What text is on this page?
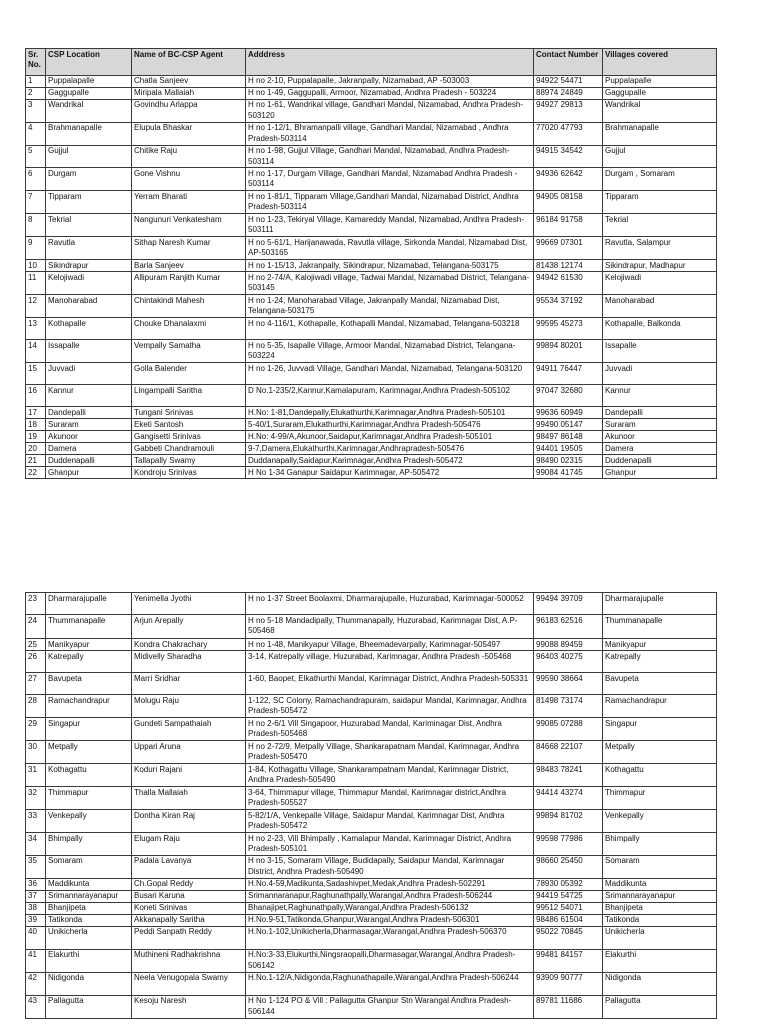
Sr. No.	CSP Location	Name of BC-CSP Agent	Adddress	Contact Number	Villages covered
1	Puppalapalle	Chatla Sanjeev	H no 2-10, Puppalapalle, Jakranpally, Nizamabad, AP -503003	94922 54471	Puppalapalle
2	Gaggupalle	Miripala Mallaiah	H no 1-49, Gaggupalli, Armoor, Nizamabad, Andhra Pradesh - 503224	88974 24849	Gaggupalle
3	Wandrikal	Govindhu Arlappa	H no 1-61, Wandrikal village, Gandhari Mandal, Nizamabad, Andhra Pradesh-503120	94927 29813	Wandrikal
4	Brahmanapalle	Elupula Bhaskar	H no 1-12/1, Bhramanpalli village, Gandhari Mandal, Nizamabad , Andhra Pradesh-503114	77020 47793	Brahmanapalle
5	Gujjul	Chitike Raju	H no 1-98, Gujjul Village, Gandhari Mandal, Nizamabad, Andhra Pradesh-503114	94915 34542	Gujjul
6	Durgam	Gone Vishnu	H no 1-17, Durgam Village, Gandhari Mandal, Nizamabad Andhra Pradesh - 503114	94936 62642	Durgam , Somaram
7	Tipparam	Yerram Bharati	H no 1-81/1, Tipparam Village,Gandhari Mandal, Nizamabad District, Andhra Pradesh-503114	94905 08158	Tipparam
8	Tekrial	Nangunuri Venkatesham	H no 1-23, Tekiryal Village, Kamareddy Mandal, Nizamabad, Andhra Pradesh-503111	96184 91758	Tekrial
9	Ravutla	Sithap Naresh Kumar	H no 5-61/1, Harijanawada, Ravutla village, Sirkonda Mandal, Nizamabad Dist, AP-503165	99669 07301	Ravutla, Salampur
10	Sikindrapur	Barla Sanjeev	H no 1-15/13, Jakranpally, Sikindrapur, Nizamabad, Telangana-503175	81438 12174	Sikindrapur, Madhapur
11	Kelojiwadi	Allipuram Ranjith Kumar	H no 2-74/A, Kalojiwadi village, Tadwai Mandal, Nizamabad District, Telangana-503145	94942 61530	Kelojiwadi
12	Manoharabad	Chintakindi Mahesh	H no 1-24, Manoharabad Village, Jakranpally Mandal, Nizamabad Dist, Telangana-503175	95534 37192	Manoharabad
13	Kothapalle	Chouke Dhanalaxmi	H no 4-116/1, Kothapalle, Kothapalli Mandal, Nizamabad, Telangana-503218	99595 45273	Kothapalle, Balkonda
14	Issapalle	Vempally Samatha	H no 5-35, Isapalle Village, Armoor Mandal, Nizamabad District, Telangana-503224	99894 80201	Issapalle
15	Juvvadi	Golla Balender	H no 1-26, Juvvadi Village, Gandhari Mandal, Nizamabad, Telangana-503120	94911 76447	Juvvadi
16	Kannur	Lingampalli Saritha	D No.1-235/2,Kannur,Kamalapuram, Karimnagar,Andhra Pradesh-505102	97047 32680	Kannur
17	Dandepalli	Tungani Srinivas	H.No: 1-81,Dandepally,Elukathurthi,Karimnagar,Andhra Pradesh-505101	99636 60949	Dandepalli
18	Suraram	Eketi Santosh	5-40/1,Suraram,Elukathurthi,Karimnagar,Andhra Pradesh-505476	99490 05147	Suraram
19	Akunoor	Gangisetti Srinivas	H.No: 4-99/A,Akunoor,Saidapur,Karimnagar,Andhra Pradesh-505101	98497 86148	Akunoor
20	Damera	Gabbeti Chandramouli	9-7,Damera,Elukathurthi,Karimnagar,Andhrapradesh-505476	94401 19505	Damera
21	Duddenapalli	Tallapally Swamy	Duddanapally,Saidapur,Karimnagar,Andhra Pradesh-505472	98490 02315	Duddenapalli
22	Ghanpur	Kondroju Srinivas	H No 1-34 Ganapur Saidapur Karimnagar, AP-505472	99084 41745	Ghanpur
23	Dharmarajupalle	Yenimella Jyothi	H no 1-37 Street Boolaxmi, Dharmarajupalle, Huzurabad, Karimnagar-500052	99494 39709	Dharmarajupalle
24	Thummanapalle	Arjun Arepally	H no 5-18 Mandadipally, Thummanapally, Huzurabad, Karimnagar Dist, A.P-505468	96183 62516	Thummanapalle
25	Manikyapur	Kondra Chakrachary	H no 1-48, Manikyapur Village, Bheemadevarpally, Karimnagar-505497	99088 89459	Manikyapur
26	Katrepally	Midivelly Sharadha	3-14, Katrepally village, Huzurabad, Karimnagar, Andhra Pradesh -505468	96403 40275	Katrepally
27	Bavupeta	Marri Sridhar	1-60, Baopet, Elkathurthi Mandal, Karimnagar District, Andhra Pradesh-505331	99590 38664	Bavupeta
28	Ramachandrapur	Molugu Raju	1-122, SC Colony, Ramachandrapuram, saidapur Mandal, Karimnagar, Andhra Pradesh-505472	81498 73174	Ramachandrapur
29	Singapur	Gundeti Sampathaiah	H no 2-6/1 Vill Singapoor, Huzurabad Mandal, Kariminagar Dist, Andhra Pradesh-505468	99085 07288	Singapur
30	Metpally	Uppari Aruna	H no 2-72/9, Metpally Village, Shankarapatnam Mandal, Karimnagar, Andhra Pradesh-505470	84668 22107	Metpally
31	Kothagattu	Koduri Rajani	1-84, Kothagattu Village, Shankarampatnam Mandal, Karimnagar District, Andhra Pradesh-505490	98483 78241	Kothagattu
32	Thimmapur	Thalla Mallaiah	3-64, Thimmapur village, Thimmapur Mandal, Karimnagar district,Andhra Pradesh-505527	94414 43274	Thimmapur
33	Venkepally	Dontha Kiran Raj	5-82/1/A, Venkepalle Village, Saidapur Mandal, Karimnagar Dist, Andhra Pradesh-505472	99894 81702	Venkepally
34	Bhimpally	Elugam Raju	H no 2-23, Vill Bhimpally , Kamalapur Mandal, Karimnagar District, Andhra Pradesh-505101	99598 77986	Bhimpally
35	Somaram	Padala Lavanya	H no 3-15, Somaram Village, Budidapally, Saidapur Mandal, Karimnagar District, Andhra Pradesh-505490	98660 25450	Somaram
36	Maddikunta	Ch.Gopal Reddy	H.No.4-59,Madikunta,Sadashivpet,Medak,Andhra Pradesh-502291	78930 05392	Maddikunta
37	Srimannarayanapur	Busari Karuna	Srimannaranapur,Raghunathpally,Warangal,Andhra Pradesh-506244	94419 54725	Srimannarayanapur
38	Bhanjipeta	Koneti Srinivas	Bhanajipet,Raghunathpally,Warangal,Andhra Pradesh-506132	99512 54071	Bhanjipeta
39	Tatikonda	Akkanapally Saritha	H.No.9-51,Tatikonda,Ghanpur,Warangal,Andhra Pradesh-506301	98486 61504	Tatikonda
40	Unikicherla	Peddi Sanpath Reddy	H.No.1-102,Unikicherla,Dharmasagar,Warangal,Andhra Pradesh-506370	95022 70845	Unikicherla
41	Elakurthi	Muthineni Radhakrishna	H.No:3-33,Elukurthi,Ningsraopalli,Dharmasagar,Warangal,Andhra Pradesh-506142	99481 84157	Elakurthi
42	Nidigonda	Neela Venugopala Swamy	H.No.1-12/A,Nidigonda,Raghunathapalle,Warangal,Andhra Pradesh-506244	93909 90777	Nidigonda
43	Pallagutta	Kesoju Naresh	H No 1-124 PO & Vill : Pallagutta Ghanpur Stn Warangal Andhra Pradesh-506144	89781 11686	Pallagutta
